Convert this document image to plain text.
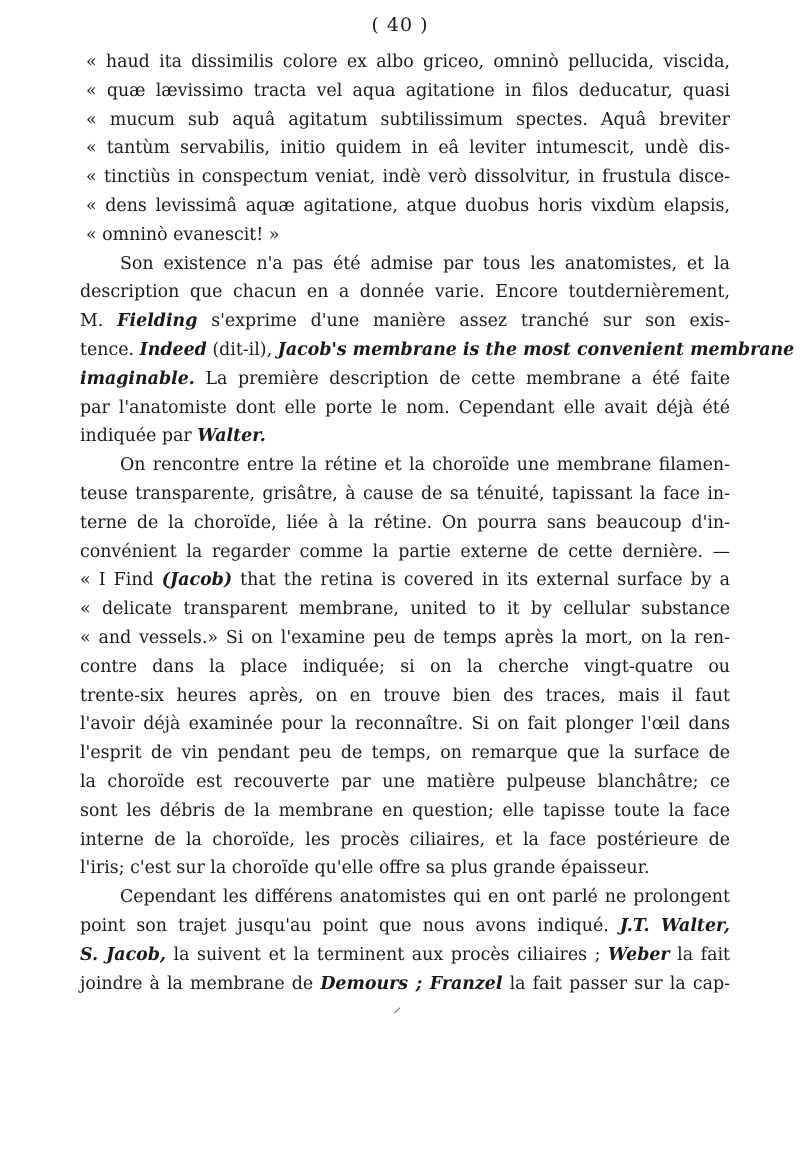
( 40 )
« haud ita dissimilis colore ex albo griceo, omninò pellucida, viscida,
« quæ lævissimo tracta vel aqua agitatione in filos deducatur, quasi
« mucum sub aquâ agitatum subtilissimum spectes. Aquâ breviter
« tantùm servabilis, initio quidem in eâ leviter intumescit, undè dis-
« tinctiùs in conspectum veniat, indè verò dissolvitur, in frustula disce-
« dens levissimâ aquæ agitatione, atque duobus horis vixdùm elapsis,
« omninò evanescit! »
Son existence n'a pas été admise par tous les anatomistes, et la
description que chacun en a donnée varie. Encore toutdernièrement,
M. Fielding s'exprime d'une manière assez tranché sur son exis-
tence. Indeed (dit-il), Jacob's membrane is the most convenient membrane
imaginable. La première description de cette membrane a été faite
par l'anatomiste dont elle porte le nom. Cependant elle avait déjà été
indiquée par Walter.
On rencontre entre la rétine et la choroïde une membrane filamen-
teuse transparente, grisâtre, à cause de sa ténuité, tapissant la face in-
terne de la choroïde, liée à la rétine. On pourra sans beaucoup d'in-
convénient la regarder comme la partie externe de cette dernière. —
« I Find (Jacob) that the retina is covered in its external surface by a
« delicate transparent membrane, united to it by cellular substance
« and vessels.» Si on l'examine peu de temps après la mort, on la ren-
contre dans la place indiquée; si on la cherche vingt-quatre ou
trente-six heures après, on en trouve bien des traces, mais il faut
l'avoir déjà examinée pour la reconnaître. Si on fait plonger l'œil dans
l'esprit de vin pendant peu de temps, on remarque que la surface de
la choroïde est recouverte par une matière pulpeuse blanchâtre; ce
sont les débris de la membrane en question; elle tapisse toute la face
interne de la choroïde, les procès ciliaires, et la face postérieure de
l'iris; c'est sur la choroïde qu'elle offre sa plus grande épaisseur.
Cependant les différens anatomistes qui en ont parlé ne prolongent
point son trajet jusqu'au point que nous avons indiqué. J.T. Walter,
S. Jacob, la suivent et la terminent aux procès ciliaires ; Weber la fait
joindre à la membrane de Demours ; Franzel la fait passer sur la cap-
